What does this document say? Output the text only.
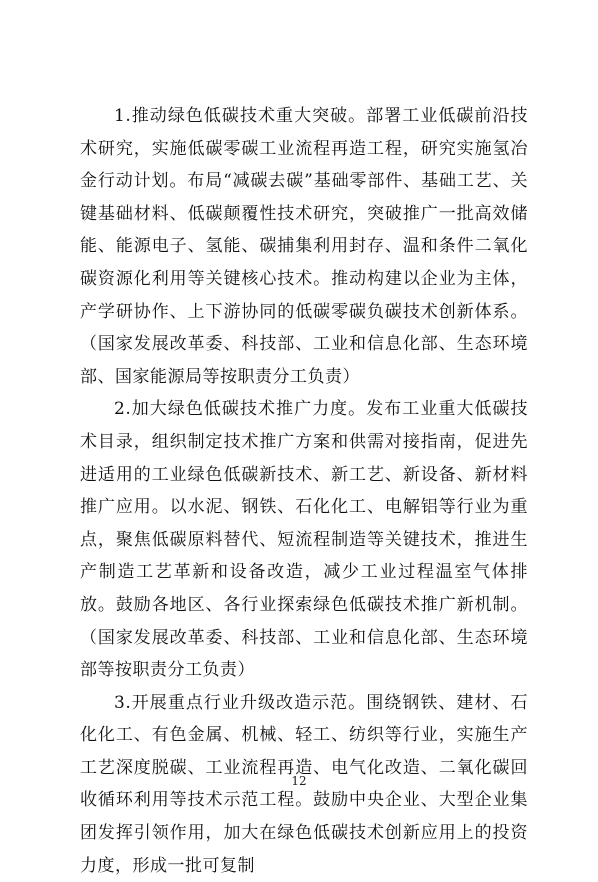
1.推动绿色低碳技术重大突破。部署工业低碳前沿技术研究，实施低碳零碳工业流程再造工程，研究实施氢冶金行动计划。布局“减碳去碳”基础零部件、基础工艺、关键基础材料、低碳颠覆性技术研究，突破推广一批高效储能、能源电子、氢能、碳捕集利用封存、温和条件二氧化碳资源化利用等关键核心技术。推动构建以企业为主体，产学研协作、上下游协同的低碳零碳负碳技术创新体系。（国家发展改革委、科技部、工业和信息化部、生态环境部、国家能源局等按职责分工负责）

2.加大绿色低碳技术推广力度。发布工业重大低碳技术目录，组织制定技术推广方案和供需对接指南，促进先进适用的工业绿色低碳新技术、新工艺、新设备、新材料推广应用。以水泥、钢铁、石化化工、电解铝等行业为重点，聚焦低碳原料替代、短流程制造等关键技术，推进生产制造工艺革新和设备改造，减少工业过程温室气体排放。鼓励各地区、各行业探索绿色低碳技术推广新机制。（国家发展改革委、科技部、工业和信息化部、生态环境部等按职责分工负责）

3.开展重点行业升级改造示范。围绕钢铁、建材、石化化工、有色金属、机械、轻工、纺织等行业，实施生产工艺深度脱碳、工业流程再造、电气化改造、二氧化碳回收循环利用等技术示范工程。鼓励中央企业、大型企业集团发挥引领作用，加大在绿色低碳技术创新应用上的投资力度，形成一批可复制

12
